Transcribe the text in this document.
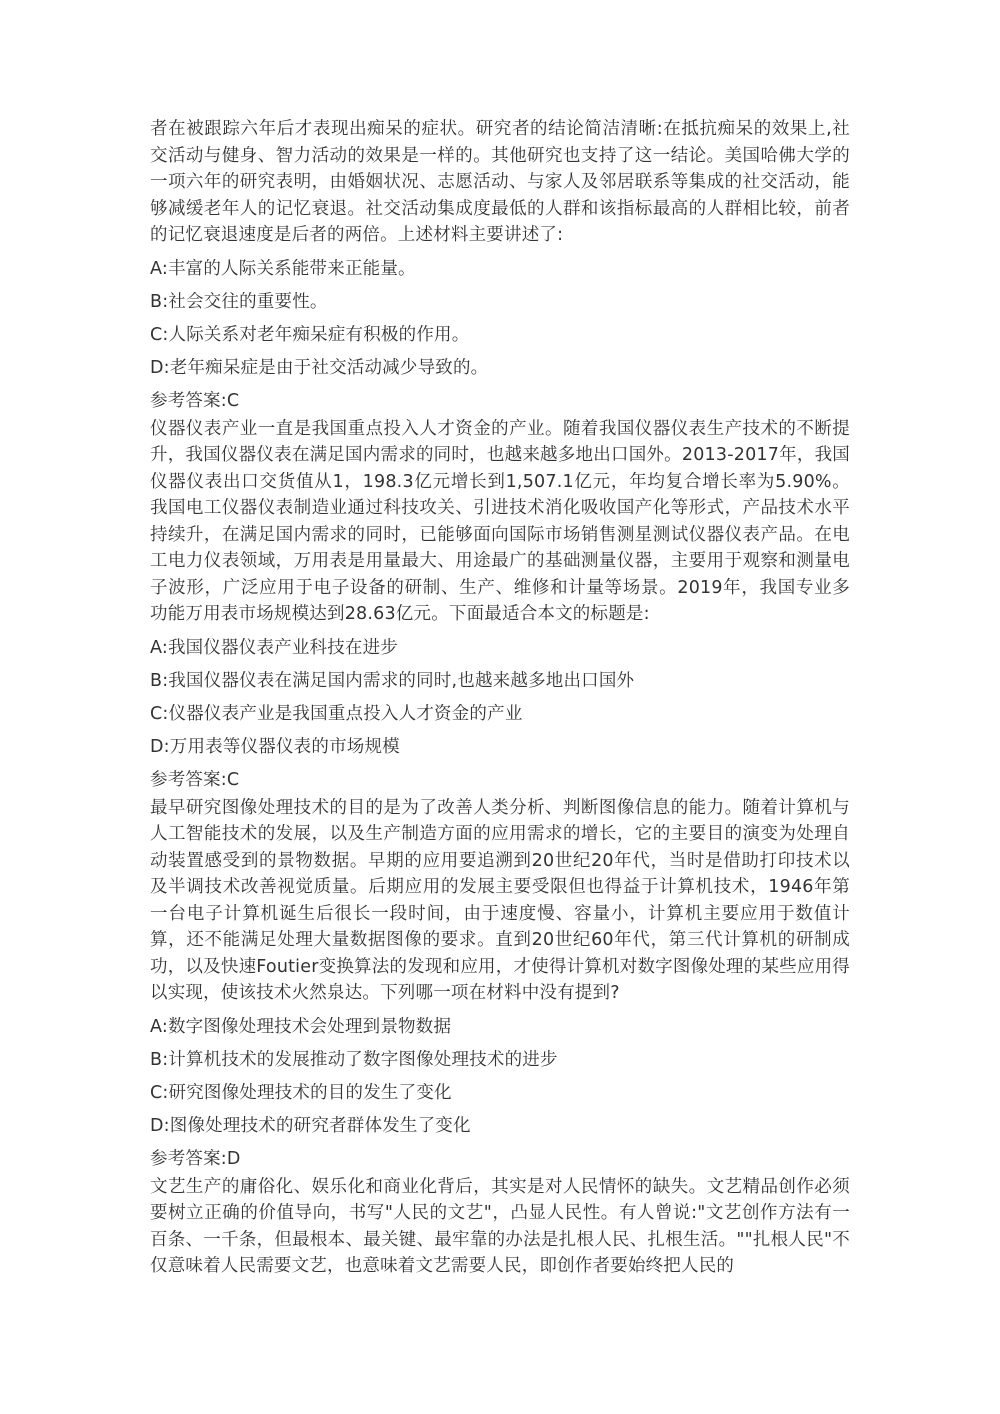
者在被跟踪六年后才表现出痴呆的症状。研究者的结论简洁清晰:在抵抗痴呆的效果上,社交活动与健身、智力活动的效果是一样的。其他研究也支持了这一结论。美国哈佛大学的一项六年的研究表明，由婚姻状况、志愿活动、与家人及邻居联系等集成的社交活动，能够减缓老年人的记忆衰退。社交活动集成度最低的人群和该指标最高的人群相比较，前者的记忆衰退速度是后者的两倍。上述材料主要讲述了:

A:丰富的人际关系能带来正能量。

B:社会交往的重要性。

C:人际关系对老年痴呆症有积极的作用。

D:老年痴呆症是由于社交活动减少导致的。

参考答案:C

仪器仪表产业一直是我国重点投入人才资金的产业。随着我国仪器仪表生产技术的不断提升，我国仪器仪表在满足国内需求的同时，也越来越多地出口国外。2013-2017年，我国仪器仪表出口交货值从1，198.3亿元增长到1,507.1亿元，年均复合增长率为5.90%。我国电工仪器仪表制造业通过科技攻关、引进技术消化吸收国产化等形式，产品技术水平持续升，在满足国内需求的同时，已能够面向国际市场销售测星测试仪器仪表产品。在电工电力仪表领域，万用表是用量最大、用途最广的基础测量仪器，主要用于观察和测量电子波形，广泛应用于电子设备的研制、生产、维修和计量等场景。2019年，我国专业多功能万用表市场规模达到28.63亿元。下面最适合本文的标题是:

A:我国仪器仪表产业科技在进步

B:我国仪器仪表在满足国内需求的同时,也越来越多地出口国外

C:仪器仪表产业是我国重点投入人才资金的产业

D:万用表等仪器仪表的市场规模

参考答案:C

最早研究图像处理技术的目的是为了改善人类分析、判断图像信息的能力。随着计算机与人工智能技术的发展，以及生产制造方面的应用需求的增长，它的主要目的演变为处理自动装置感受到的景物数据。早期的应用要追溯到20世纪20年代，当时是借助打印技术以及半调技术改善视觉质量。后期应用的发展主要受限但也得益于计算机技术，1946年第一台电子计算机诞生后很长一段时间，由于速度慢、容量小，计算机主要应用于数值计算，还不能满足处理大量数据图像的要求。直到20世纪60年代，第三代计算机的研制成功，以及快速Foutier变换算法的发现和应用，才使得计算机对数字图像处理的某些应用得以实现，使该技术火然泉达。下列哪一项在材料中没有提到?

A:数字图像处理技术会处理到景物数据

B:计算机技术的发展推动了数字图像处理技术的进步

C:研究图像处理技术的目的发生了变化

D:图像处理技术的研究者群体发生了变化

参考答案:D

文艺生产的庸俗化、娱乐化和商业化背后，其实是对人民情怀的缺失。文艺精品创作必须要树立正确的价值导向，书写"人民的文艺"，凸显人民性。有人曾说:"文艺创作方法有一百条、一千条，但最根本、最关键、最牢靠的办法是扎根人民、扎根生活。""扎根人民"不仅意味着人民需要文艺，也意味着文艺需要人民，即创作者要始终把人民的
